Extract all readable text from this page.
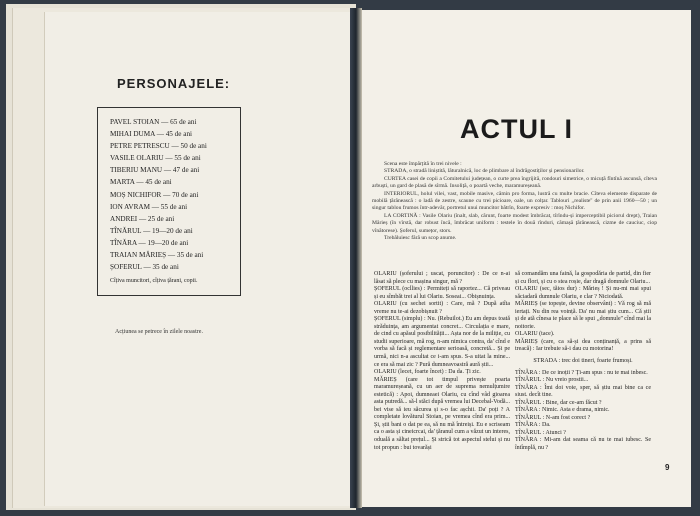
PERSONAJELE:
PAVEL STOIAN — 65 de ani
MIHAI DUMA — 45 de ani
PETRE PETRESCU — 50 de ani
VASILE OLARIU — 55 de ani
TIBERIU MANU — 47 de ani
MARTA — 45 de ani
MOȘ NICHIFOR — 70 de ani
ION AVRAM — 55 de ani
ANDREI — 25 de ani
TÎNĂRUL — 19—20 de ani
TÎNĂRA — 19—20 de ani
TRAIAN MĂRIEȘ — 35 de ani
ȘOFERUL — 35 de ani
Cîțiva muncitori, cîțiva țărani, copii.
Acțiunea se petrece în zilele noastre.
ACTUL I

Scena este împărțită în trei nivele :

STRADA, o stradă liniștită, lăturalnică, loc de plimbare al îndrăgostiților și pensionarilor.

CURTEA casei de copii a Comitetului județean, o curte prea îngrijită, rondouri simetrice, o micuță fîntînă ascunsă, cîteva arbuști, un gard de plasă de sîrmă. Insoliță, o poartă veche, maramureșeană.

INTERIORUL, holul vilei, vast, mobile masive, cămin pro forma, lustră cu multe bracie. Cîteva elemente disparate de mobilă țărănească : o ladă de zestre, scaune cu trei picioare, oale, un colțar. Tablouri ,,realiste'' de prin anii 1960—50 ; un singur tablou frumos într-adevăr, portretul unui muncitor bătrîn, foarte expresiv : moș Nichifor.

LA CORTINĂ : Vasile Olariu (înalt, slab, cărunt, foarte modest îmbrăcat, tîrîndu-și imperceptibil piciorul drept), Traian Mărieș (în vîrstă, dar robust încă, îmbrăcat uniform : testele în două rînduri, cămașă țărănească, cizme de cauciuc, ciop vînătorese). Șoferul, sumețor, stors.

Trebăluiesc fără un scop anume.

OLARIU (șoferului ; uscat, poruncitor) : De ce n-ai lăsat să plece cu mașina singur, mă ?

ȘOFERUL (ocllies) : Permiteți să raportez... Că priveau și eu sîmbăt trei al lui Olariu. Soseai... Obișnuința.

OLARIU (cu sechei sortit) : Care, mă ? După atîta vreme nu te-ai dezobișnuit ?

ȘOFERUL (simplu) : Nu. (Rebuilot.) Eu am depus toată străduința, am argumentat concret... Circulația e mare, de cind cu apăsul posibilității... Așta nor de la miliție, cu studii superioare, mă rog, n-am nimica contra, da' cînd e vorba să facă și reglementare serioasă, concretă... Și pe urmă, nici n-a ascultat ce i-am spus. S-a uitat la mine... ce era să mai zic ? Pură dumneavoastră aură știi...

OLARIU (lecet, foarte încet) : Da da. Ți zic.

MĂRIEȘ (care tot timpul privește poarta maramureșeană, cu un aer de suprema nemulțumire estetică) : Apoi, dumneaei Olariu, cu cînd vâd gioarea asta putredă... să-l stăci după vremea lui Decebal-Vodă... bei vise să ieu săcurea și s-o fac așchii. Da' poți ? A completate lovăturul Stoian, pe vremea cînd era prim... Și, știi bani o dat pe ea, să nu mă întreiși. Eu e scriseam ca o asta și cineicrcai, da' țăranul cum a văzut un interes, oduală a săltat prețul... Și strică tot aspectul stelui și nu tot propun : bui tovarăși

să comandăm una faină, la gospodăria de partid, din fier și cu flori, și cu o stea roșie, dar dragă domnule Olariu...

OLARIU (sec, tăios dur) : Mărieș ! Și nu-mi mai spui săciadară dumnule Olariu, e clar ? Niciodată.

MĂRIEȘ (se topește, devine observânt) : Vă rog să mă iertați. Nu din rea voință. Da' nu mai știu cum... Că știi și de ată cînesa ie place să le spui ,,domnule'' cînd mai la noitorie.

OLARIU (tace).

MĂRIEȘ (care, ca să-și dea conținanță, a prins să treacă) : Iar trebuie să-i dau cu motorina!

STRADA : trec doi tineri, foarte frumoși.

TÎNĂRA : De ce inoții ? Ți-am spus : nu te mai inbesc.

TÎNĂRUL : Nu vreio prostii...

TÎNĂRA : Îmi doi voie, sper, să știu mai bine ca ce siust. decît tine.

TÎNĂRUL : Bine, dar ce-am făcut ?

TÎNĂRA : Nimic. Asta e drama, nimic.

TÎNĂRUL : N-am fost corect ?

TÎNĂRA : Da.

TÎNĂRUL : Atunci ?

TÎNĂRA : Mi-am dat seama că nu te mai iubesc. Se întîmplă, nu ?

9
